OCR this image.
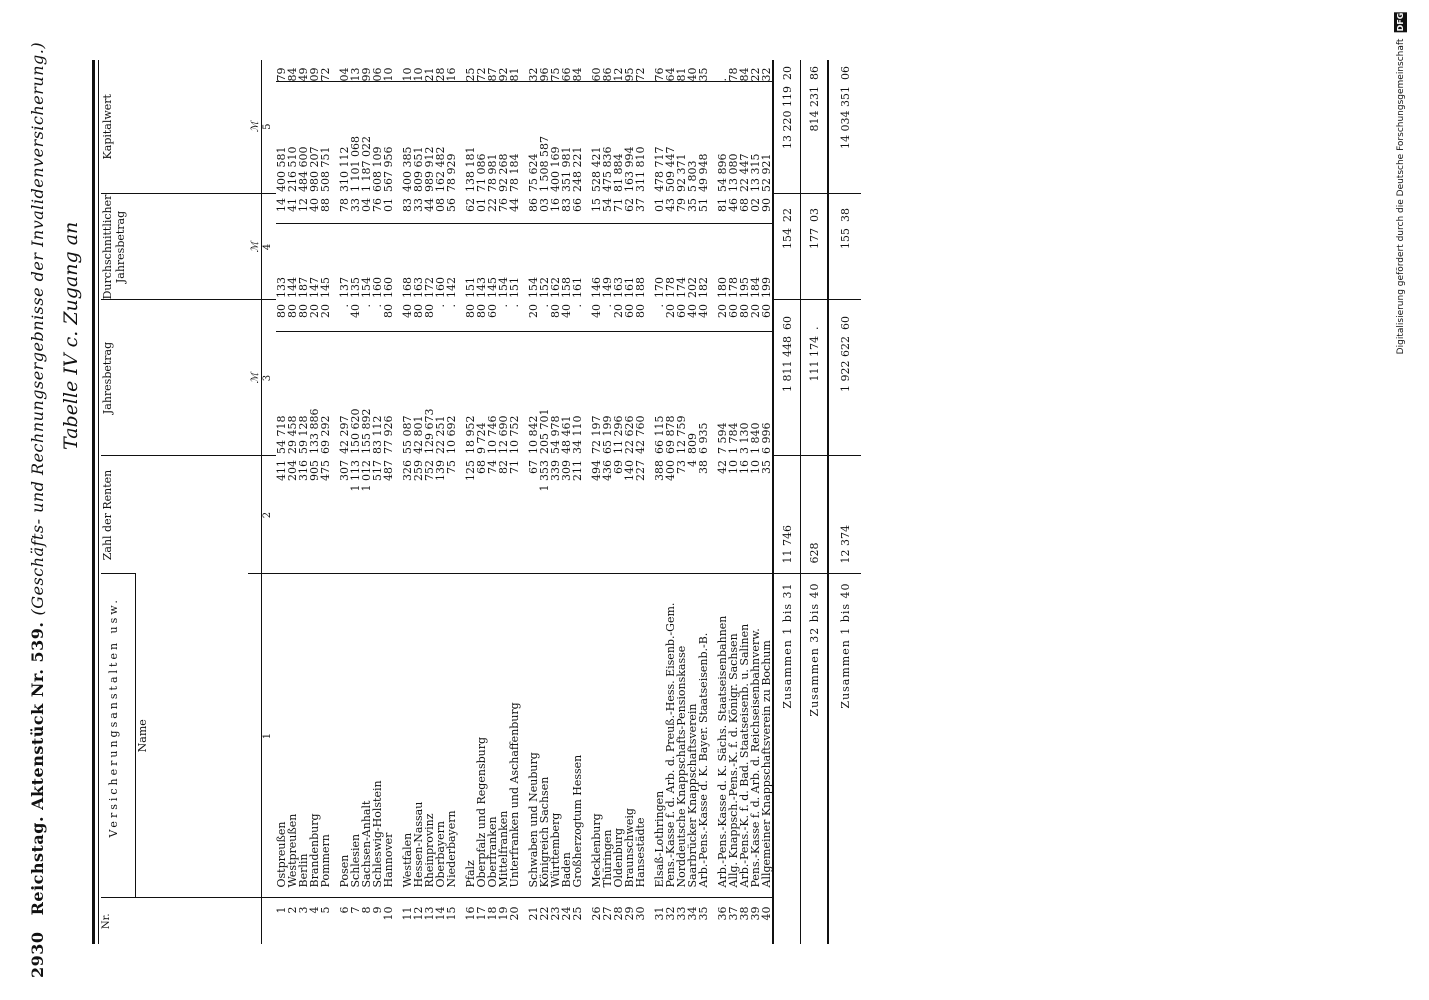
2930 Reichstag. Aktenstück Nr. 539. (Geschäfts- und Rechnungsergebnisse der Invalidenversicherung.) Tabelle IV c. Zugang an
Nr.	Versicherungsanstalten usw.	Zahl der Renten	Jahresbetrag		Durchschnittlicher Jahresbetrag		Kapitalwert	
	Name							
			ℳ		ℳ		ℳ	
	1	2	3		4		5	
1	Ostpreußen	411	54 718	80	133	14	400 581	79
2	Westpreußen	204	29 458	80	144	41	216 510	84
3	Berlin	316	59 128	80	187	12	484 600	49
4	Brandenburg	905	133 886	20	147	40	980 207	09
5	Pommern	475	69 292	20	145	88	508 751	72

6	Posen	307	42 297	.	137	78	310 112	04
7	Schlesien	1 113	150 620	40	135	33	1 101 068	13
8	Sachsen-Anhalt	1 012	155 892	.	154	04	1 187 022	99
9	Schleswig-Holstein	517	83 112	.	160	76	608 109	06
10	Hannover	487	77 926	80	160	01	567 956	10

11	Westfalen	326	55 087	40	168	83	400 385	10
12	Hessen-Nassau	259	42 801	80	163	33	809 651	10
13	Rheinprovinz	752	129 673	80	172	44	989 912	21
14	Oberbayern	139	22 251	.	160	08	162 482	28
15	Niederbayern	75	10 692	.	142	56	78 929	16

16	Pfalz	125	18 952	80	151	62	138 181	25
17	Oberpfalz und Regensburg	68	9 724	80	143	01	71 086	72
18	Oberfranken	74	10 746	60	145	22	78 981	87
19	Mittelfranken	82	12 690	.	154	76	92 268	92
20	Unterfranken und Aschaffenburg	71	10 752	.	151	44	78 184	81

21	Schwaben und Neuburg	67	10 842	20	154	86	75 624	32
22	Königreich Sachsen	1 353	205 701	.	152	03	1 508 587	96
23	Württemberg	339	54 978	80	162	16	400 169	75
24	Baden	309	48 461	40	158	83	351 981	66
25	Großherzogtum Hessen	211	34 110	.	161	66	248 221	84

26	Mecklenburg	494	72 197	40	146	15	528 421	60
27	Thüringen	436	65 199	.	149	54	475 836	86
28	Oldenburg	69	11 296	20	163	71	81 884	12
29	Braunschweig	140	22 626	60	161	62	163 994	95
30	Hansestädte	227	42 760	80	188	37	311 810	72

31	Elsaß-Lothringen	388	66 115	.	170	01	478 717	76
32	Pens.-Kasse f. d. Arb. d. Preuß.-Hess. Eisenb.-Gem.	400	69 878	20	178	43	509 447	64
33	Norddeutsche Knappschafts-Pensionskasse	73	12 759	60	174	79	92 371	81
34	Saarbrücker Knappschaftsverein	4	809	40	202	35	5 803	40
35	Arb.-Pens.-Kasse d. K. Bayer. Staatseisenb.-B.	38	6 935	40	182	51	49 948	35

36	Arb.-Pens.-Kasse d. K. Sächs. Staatseisenbahnen	42	7 594	20	180	81	54 896	.
37	Allg. Knappsch.-Pens.-K. f. d. Königr. Sachsen	10	1 784	60	178	46	13 080	78
38	Arb.-Pens.-K. f. d. Bad. Staatseisenb. u. Salinen	16	3 130	80	195	68	22 447	84
39	Pens.-Kasse f. d. Arb. d. Reichseisenbahnverw.	10	1 840	20	184	02	13 315	22
40	Allgemeiner Knappschaftsverein zu Bochum	35	6 996	60	199	90	52 921	32
Zusammen 1 bis 31		11 746	1 811 448	60	154	22	13 220 119	20
Zusammen 32 bis 40		628	111 174	.	177	03	814 231	86
Zusammen 1 bis 40		12 374	1 922 622	60	155	38	14 034 351	06	Digitalisierung gefördert durch die Deutsche Forschungsgemeinschaft DFG
